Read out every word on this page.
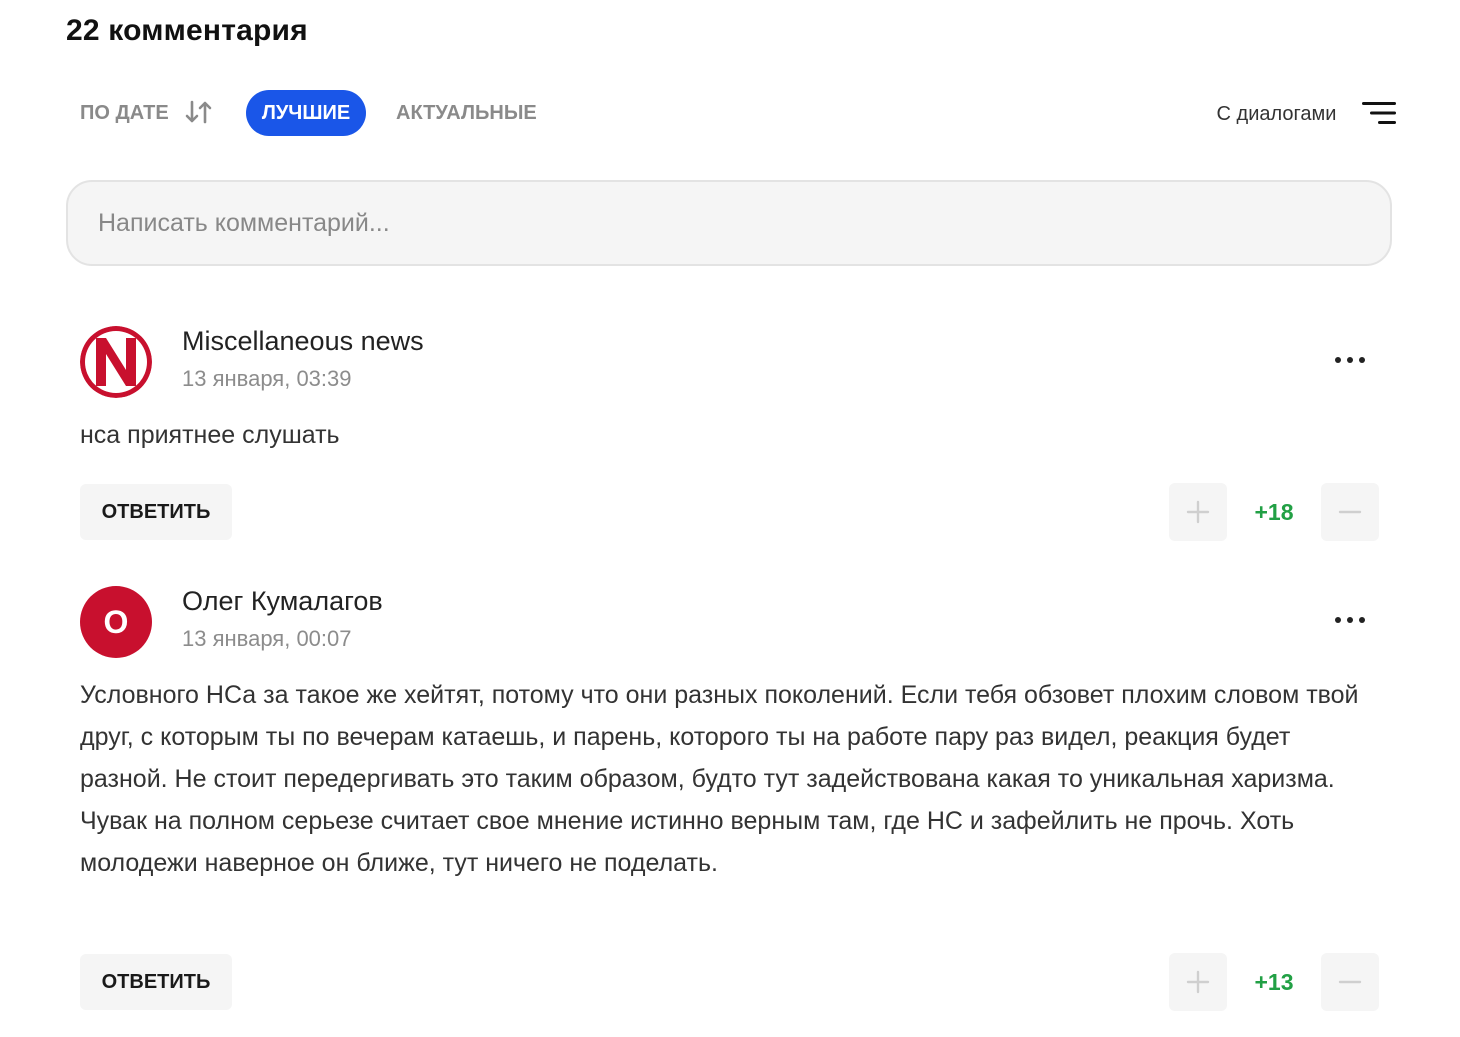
22 комментария
ПО ДАТЕ	ЛУЧШИЕ	АКТУАЛЬНЫЕ	С диалогами
Написать комментарий...
Miscellaneous news
13 января, 03:39

нса приятнее слушать

ОТВЕТИТЬ	+18
О
Олег Кумалагов
13 января, 00:07

Условного НСа за такое же хейтят, потому что они разных поколений. Если тебя обзовет плохим словом твой друг, с которым ты по вечерам катаешь, и парень, которого ты на работе пару раз видел, реакция будет разной. Не стоит передергивать это таким образом, будто тут задействована какая то уникальная харизма.

Чувак на полном серьезе считает свое мнение истинно верным там, где НС и зафейлить не прочь. Хоть молодежи наверное он ближе, тут ничего не поделать.

ОТВЕТИТЬ	+13
